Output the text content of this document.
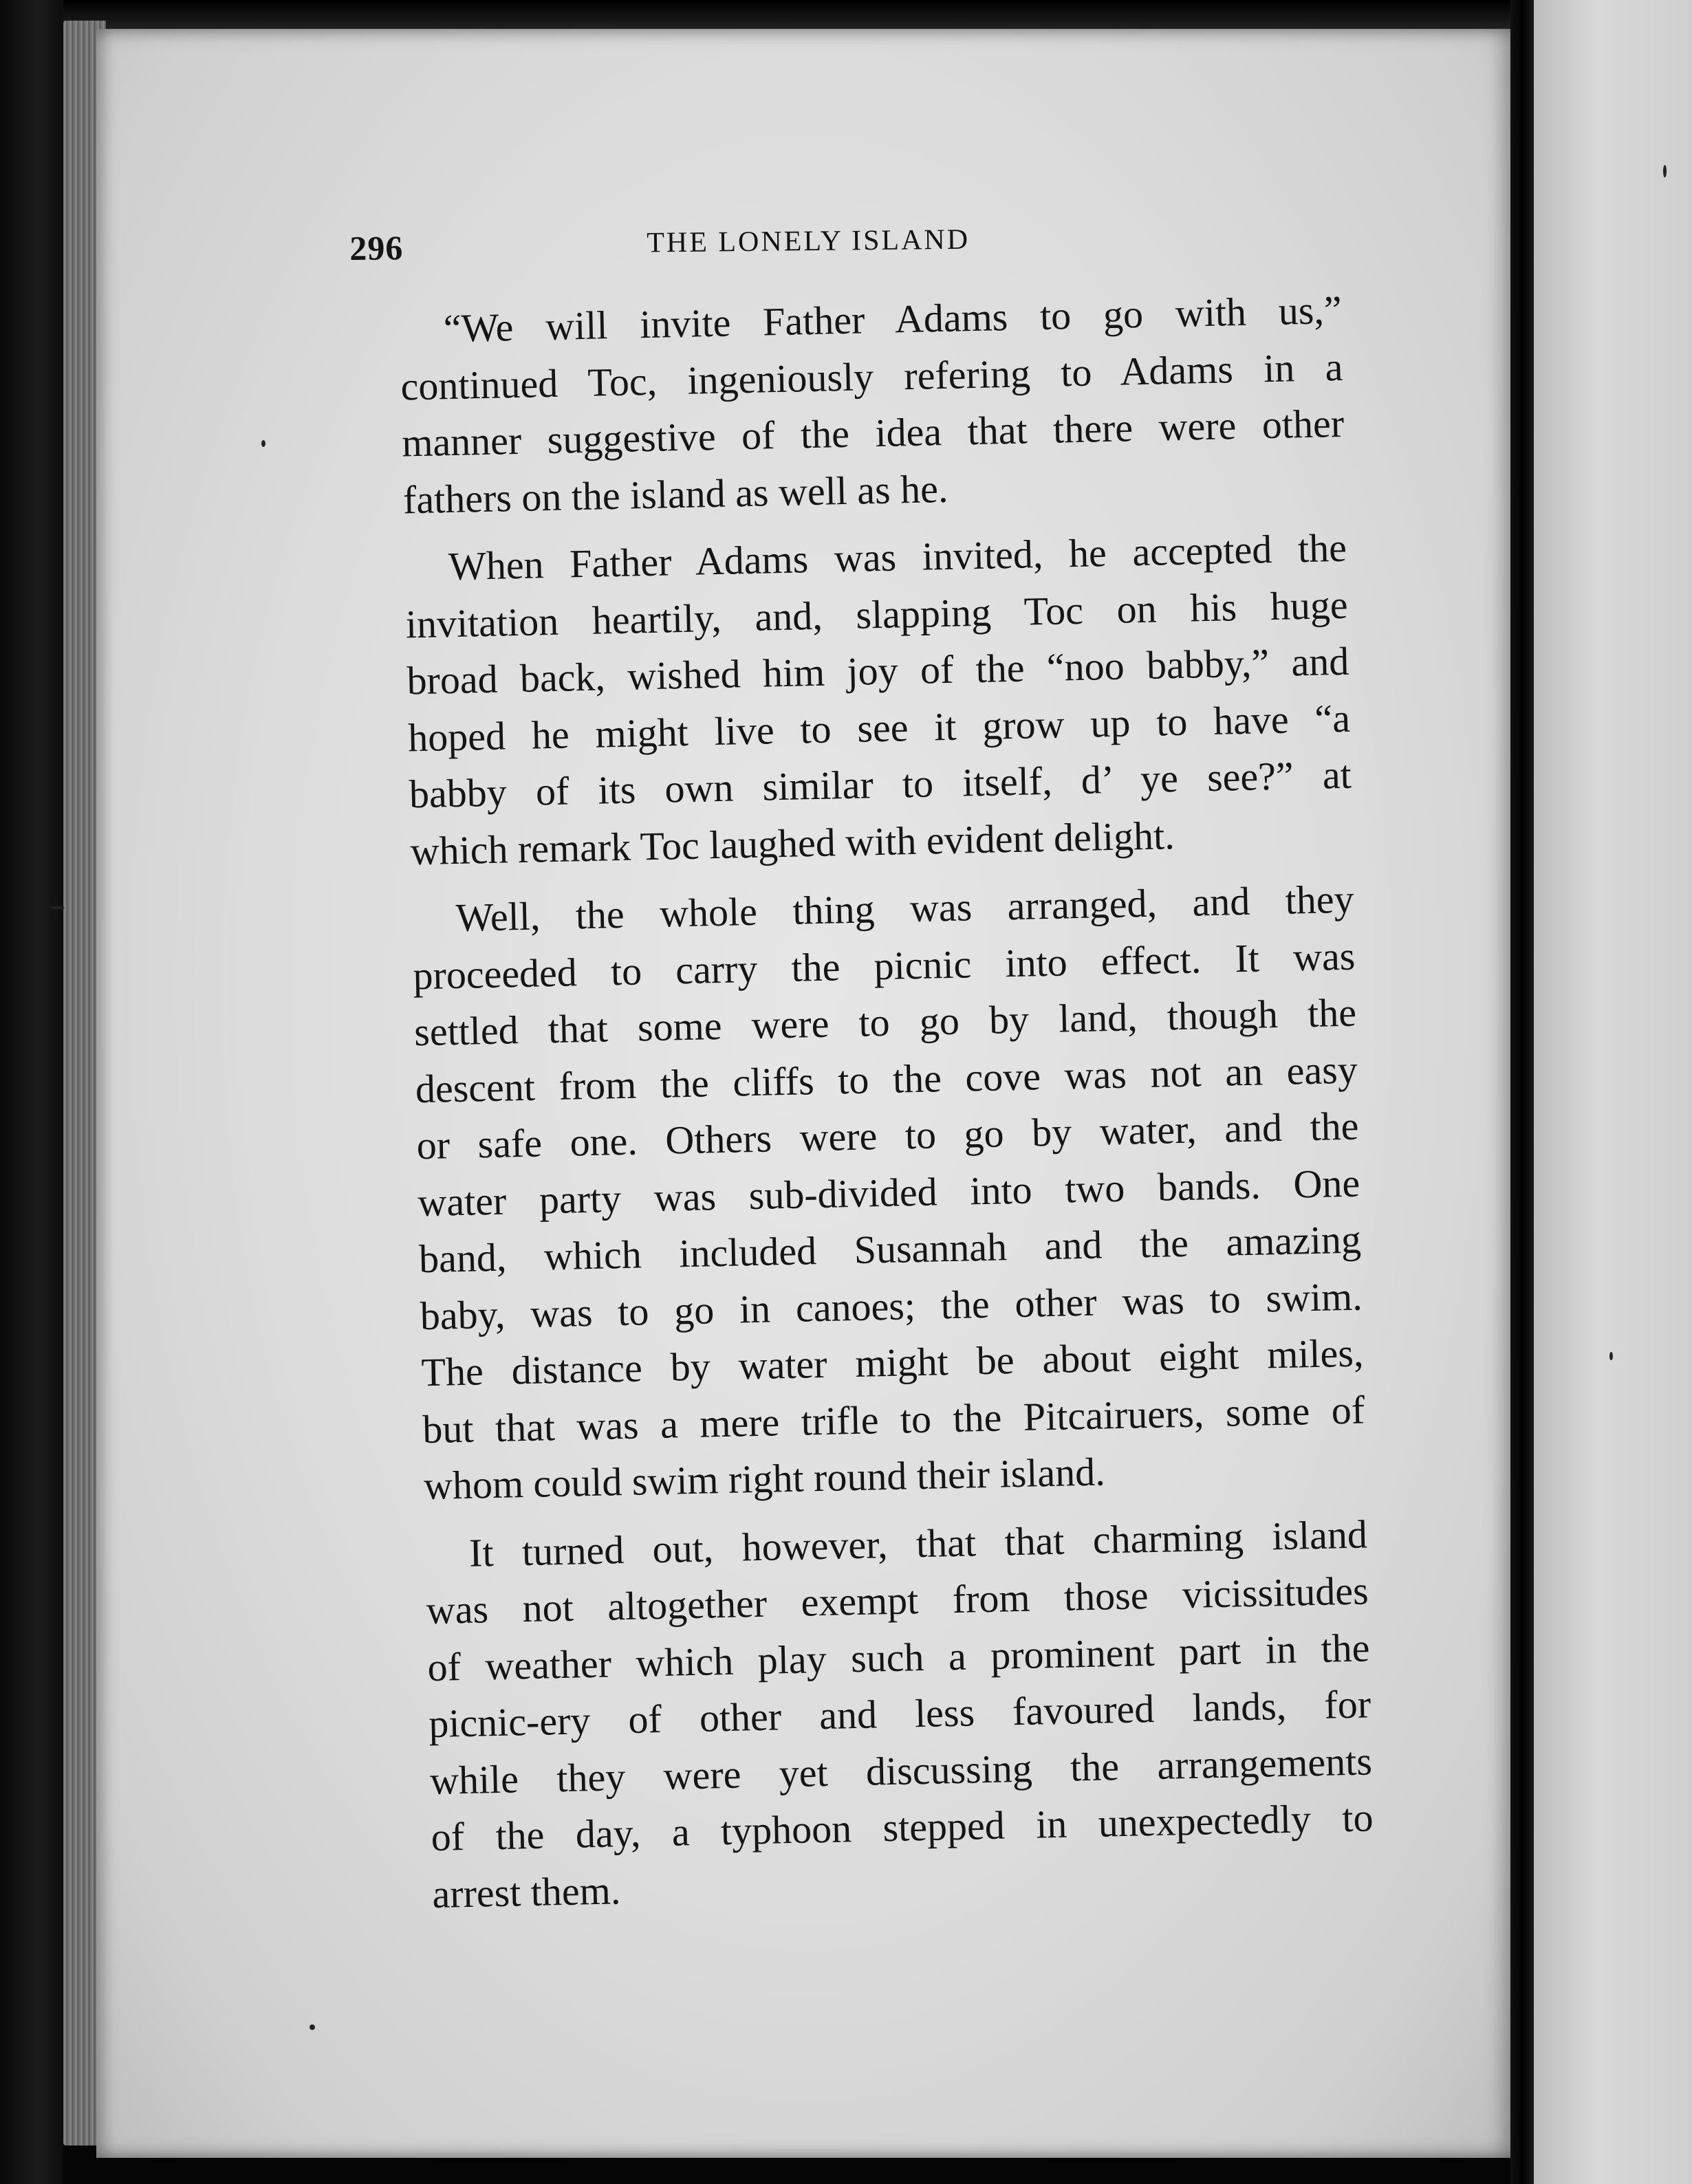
296	THE LONELY ISLAND
“We will invite Father Adams to go with us,”
continued Toc, ingeniously refering to Adams in a
manner suggestive of the idea that there were other
fathers on the island as well as he.
When Father Adams was invited, he accepted the
invitation heartily, and, slapping Toc on his huge
broad back, wished him joy of the “noo babby,” and
hoped he might live to see it grow up to have “a
babby of its own similar to itself, d’ ye see?” at
which remark Toc laughed with evident delight.
Well, the whole thing was arranged, and they
proceeded to carry the picnic into effect. It was
settled that some were to go by land, though the
descent from the cliffs to the cove was not an easy
or safe one. Others were to go by water, and the
water party was sub-divided into two bands. One
band, which included Susannah and the amazing
baby, was to go in canoes; the other was to swim.
The distance by water might be about eight miles,
but that was a mere trifle to the Pitcairuers, some of
whom could swim right round their island.
It turned out, however, that that charming island
was not altogether exempt from those vicissitudes
of weather which play such a prominent part in the
picnic-ery of other and less favoured lands, for
while they were yet discussing the arrangements
of the day, a typhoon stepped in unexpectedly to
arrest them.
